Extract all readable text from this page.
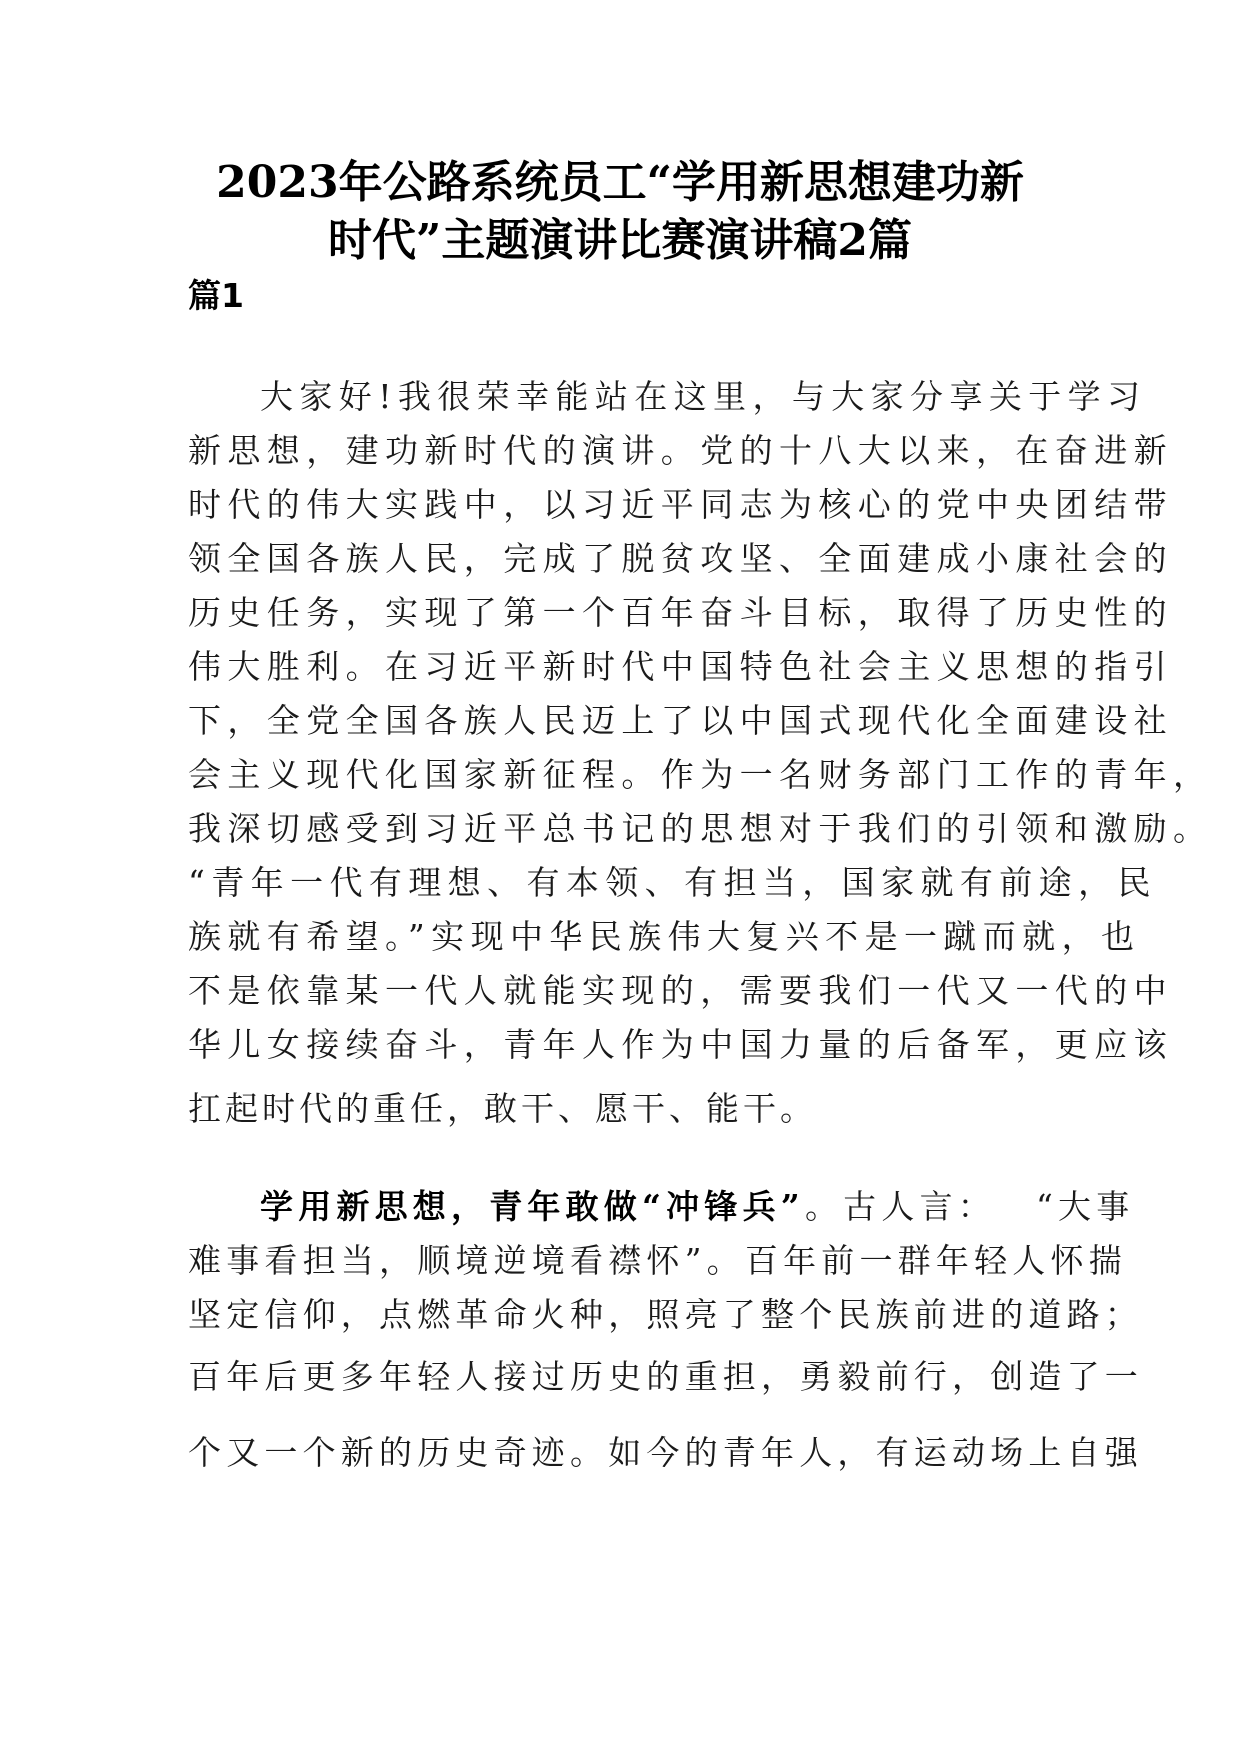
2023年公路系统员工“学用新思想建功新
时代”主题演讲比赛演讲稿2篇
篇1
大家好!我很荣幸能站在这里，与大家分享关于学习
新思想，建功新时代的演讲。党的十八大以来，在奋进新
时代的伟大实践中，以习近平同志为核心的党中央团结带
领全国各族人民，完成了脱贫攻坚、全面建成小康社会的
历史任务，实现了第一个百年奋斗目标，取得了历史性的
伟大胜利。在习近平新时代中国特色社会主义思想的指引
下，全党全国各族人民迈上了以中国式现代化全面建设社
会主义现代化国家新征程。作为一名财务部门工作的青年，
我深切感受到习近平总书记的思想对于我们的引领和激励。
“青年一代有理想、有本领、有担当，国家就有前途，民
族就有希望。”实现中华民族伟大复兴不是一蹴而就，也
不是依靠某一代人就能实现的，需要我们一代又一代的中
华儿女接续奋斗，青年人作为中国力量的后备军，更应该
扛起时代的重任，敢干、愿干、能干。
学用新思想，青年敢做“冲锋兵”。古人言： “大事
难事看担当，顺境逆境看襟怀”。百年前一群年轻人怀揣
坚定信仰，点燃革命火种，照亮了整个民族前进的道路；
百年后更多年轻人接过历史的重担，勇毅前行，创造了一
个又一个新的历史奇迹。如今的青年人，有运动场上自强
